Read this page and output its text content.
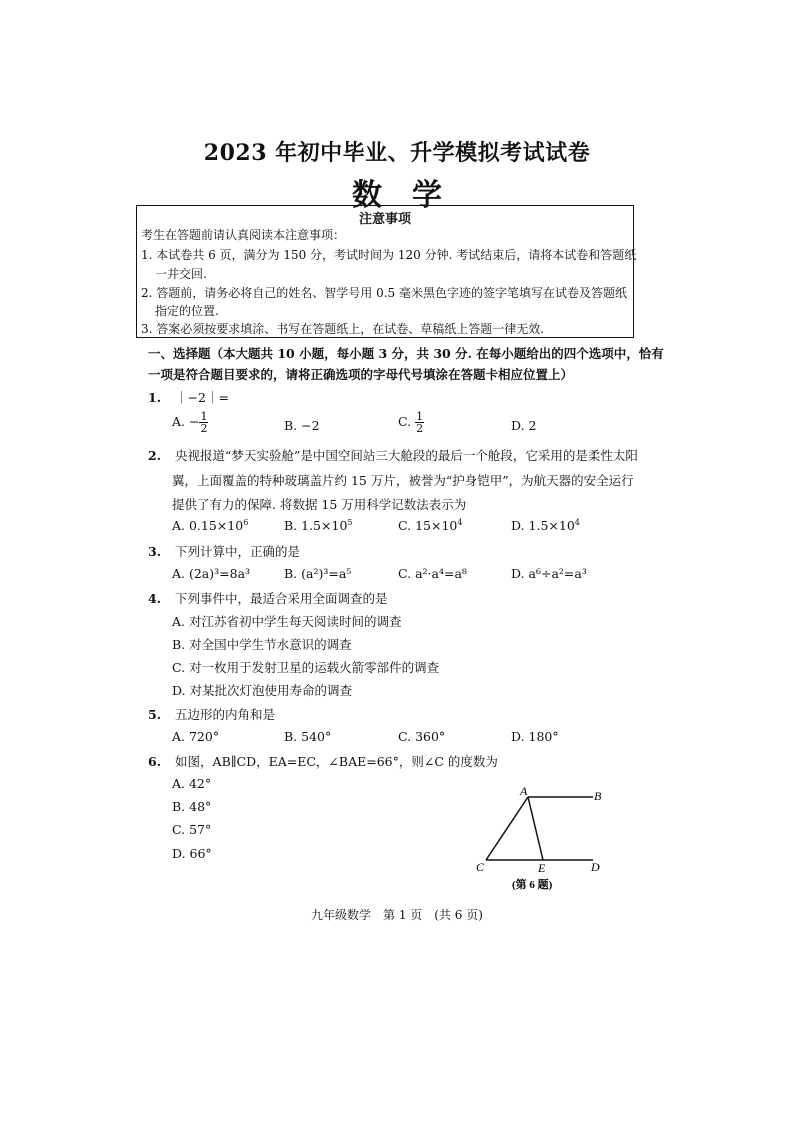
2023 年初中毕业、升学模拟考试试卷
数学
注意事项
考生在答题前请认真阅读本注意事项：
1. 本试卷共 6 页，满分为 150 分，考试时间为 120 分钟. 考试结束后，请将本试卷和答题纸
一并交回.
2. 答题前，请务必将自己的姓名、智学号用 0.5 毫米黑色字迹的签字笔填写在试卷及答题纸
指定的位置.
3. 答案必须按要求填涂、书写在答题纸上，在试卷、草稿纸上答题一律无效.
一、选择题（本大题共 10 小题，每小题 3 分，共 30 分. 在每小题给出的四个选项中，恰有
一项是符合题目要求的，请将正确选项的字母代号填涂在答题卡相应位置上）
1. ｜−2｜=
A. − $\frac{1}{2}$	B. −2	C. $\frac{1}{2}$	D. 2
2. 央视报道“梦天实验舱”是中国空间站三大舱段的最后一个舱段，它采用的是柔性太阳
翼，上面覆盖的特种玻璃盖片约 15 万片，被誉为“护身铠甲”，为航天器的安全运行
提供了有力的保障. 将数据 15 万用科学记数法表示为
A. $0.15\times 10^6$	B. $1.5\times 10^5$	C. $15\times 10^4$	D. $1.5\times 10^4$
3. 下列计算中，正确的是
A. (2a)³=8a³	B. (a²)³=a⁵	C. a²·a⁴=a⁸	D. a⁶÷a²=a³
4. 下列事件中，最适合采用全面调查的是
A. 对江苏省初中学生每天阅读时间的调查
B. 对全国中学生节水意识的调查
C. 对一枚用于发射卫星的运载火箭零部件的调查
D. 对某批次灯泡使用寿命的调查
5. 五边形的内角和是
A. 720°	B. 540°	C. 360°	D. 180°
6. 如图，AB∥CD，EA=EC，∠BAE=66°，则∠C 的度数为
A. 42°
B. 48°
C. 57°
D. 66°
A	B
C	E	D
(第 6 题)
九年级数学　第 1 页　(共 6 页)
